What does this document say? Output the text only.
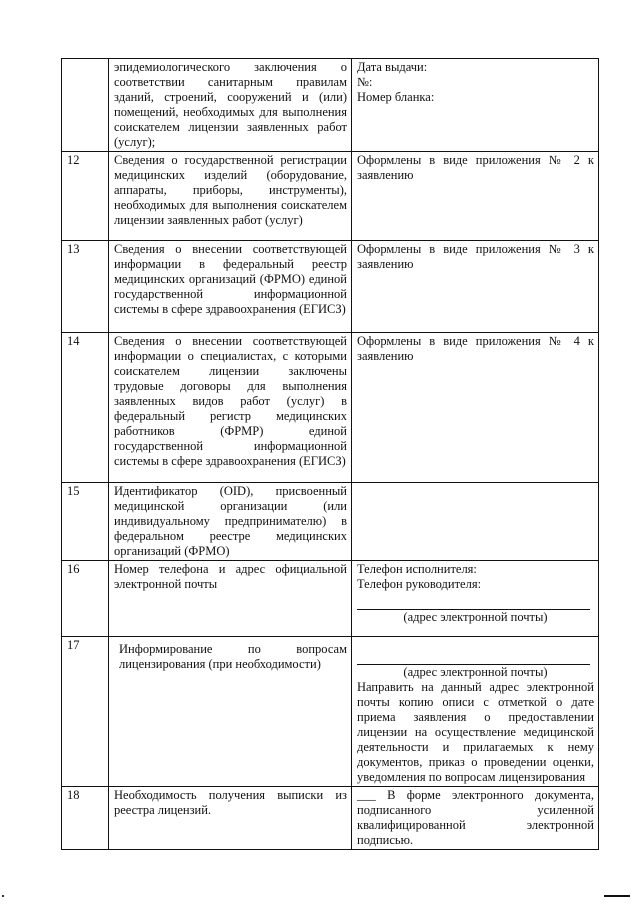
	эпидемиологического заключения о соответствии санитарным правилам зданий, строений, сооружений и (или) помещений, необходимых для выполнения соискателем лицензии заявленных работ (услуг);	Дата выдачи:
№:
Номер бланка:

12	Сведения о государственной регистрации медицинских изделий (оборудование, аппараты, приборы, инструменты), необходимых для выполнения соискателем лицензии заявленных работ (услуг)	Оформлены в виде приложения № 2 к заявлению
13	Сведения о внесении соответствующей информации в федеральный реестр медицинских организаций (ФРМО) единой государственной информационной системы в сфере здравоохранения (ЕГИСЗ)	Оформлены в виде приложения № 3 к заявлению
14	Сведения о внесении соответствующей информации о специалистах, с которыми соискателем лицензии заключены трудовые договоры для выполнения заявленных видов работ (услуг) в федеральный регистр медицинских работников (ФРМР) единой государственной информационной системы в сфере здравоохранения (ЕГИСЗ)	Оформлены в виде приложения № 4 к заявлению
15	Идентификатор (OID), присвоенный медицинской организации (или индивидуальному предпринимателю) в федеральном реестре медицинских организаций (ФРМО)	
16	Номер телефона и адрес официальной электронной почты	Телефон исполнителя:
Телефон руководителя:
(адрес электронной почты)

17	Информирование по вопросам лицензирования (при необходимости)	(адрес электронной почты)
Направить на данный адрес электронной почты копию описи с отметкой о дате приема заявления о предоставлении лицензии на осуществление медицинской деятельности и прилагаемых к нему документов, приказ о проведении оценки, уведомления по вопросам лицензирования

18	Необходимость получения выписки из реестра лицензий.	___ В форме электронного документа, подписанного усиленной квалифицированной электронной подписью.
